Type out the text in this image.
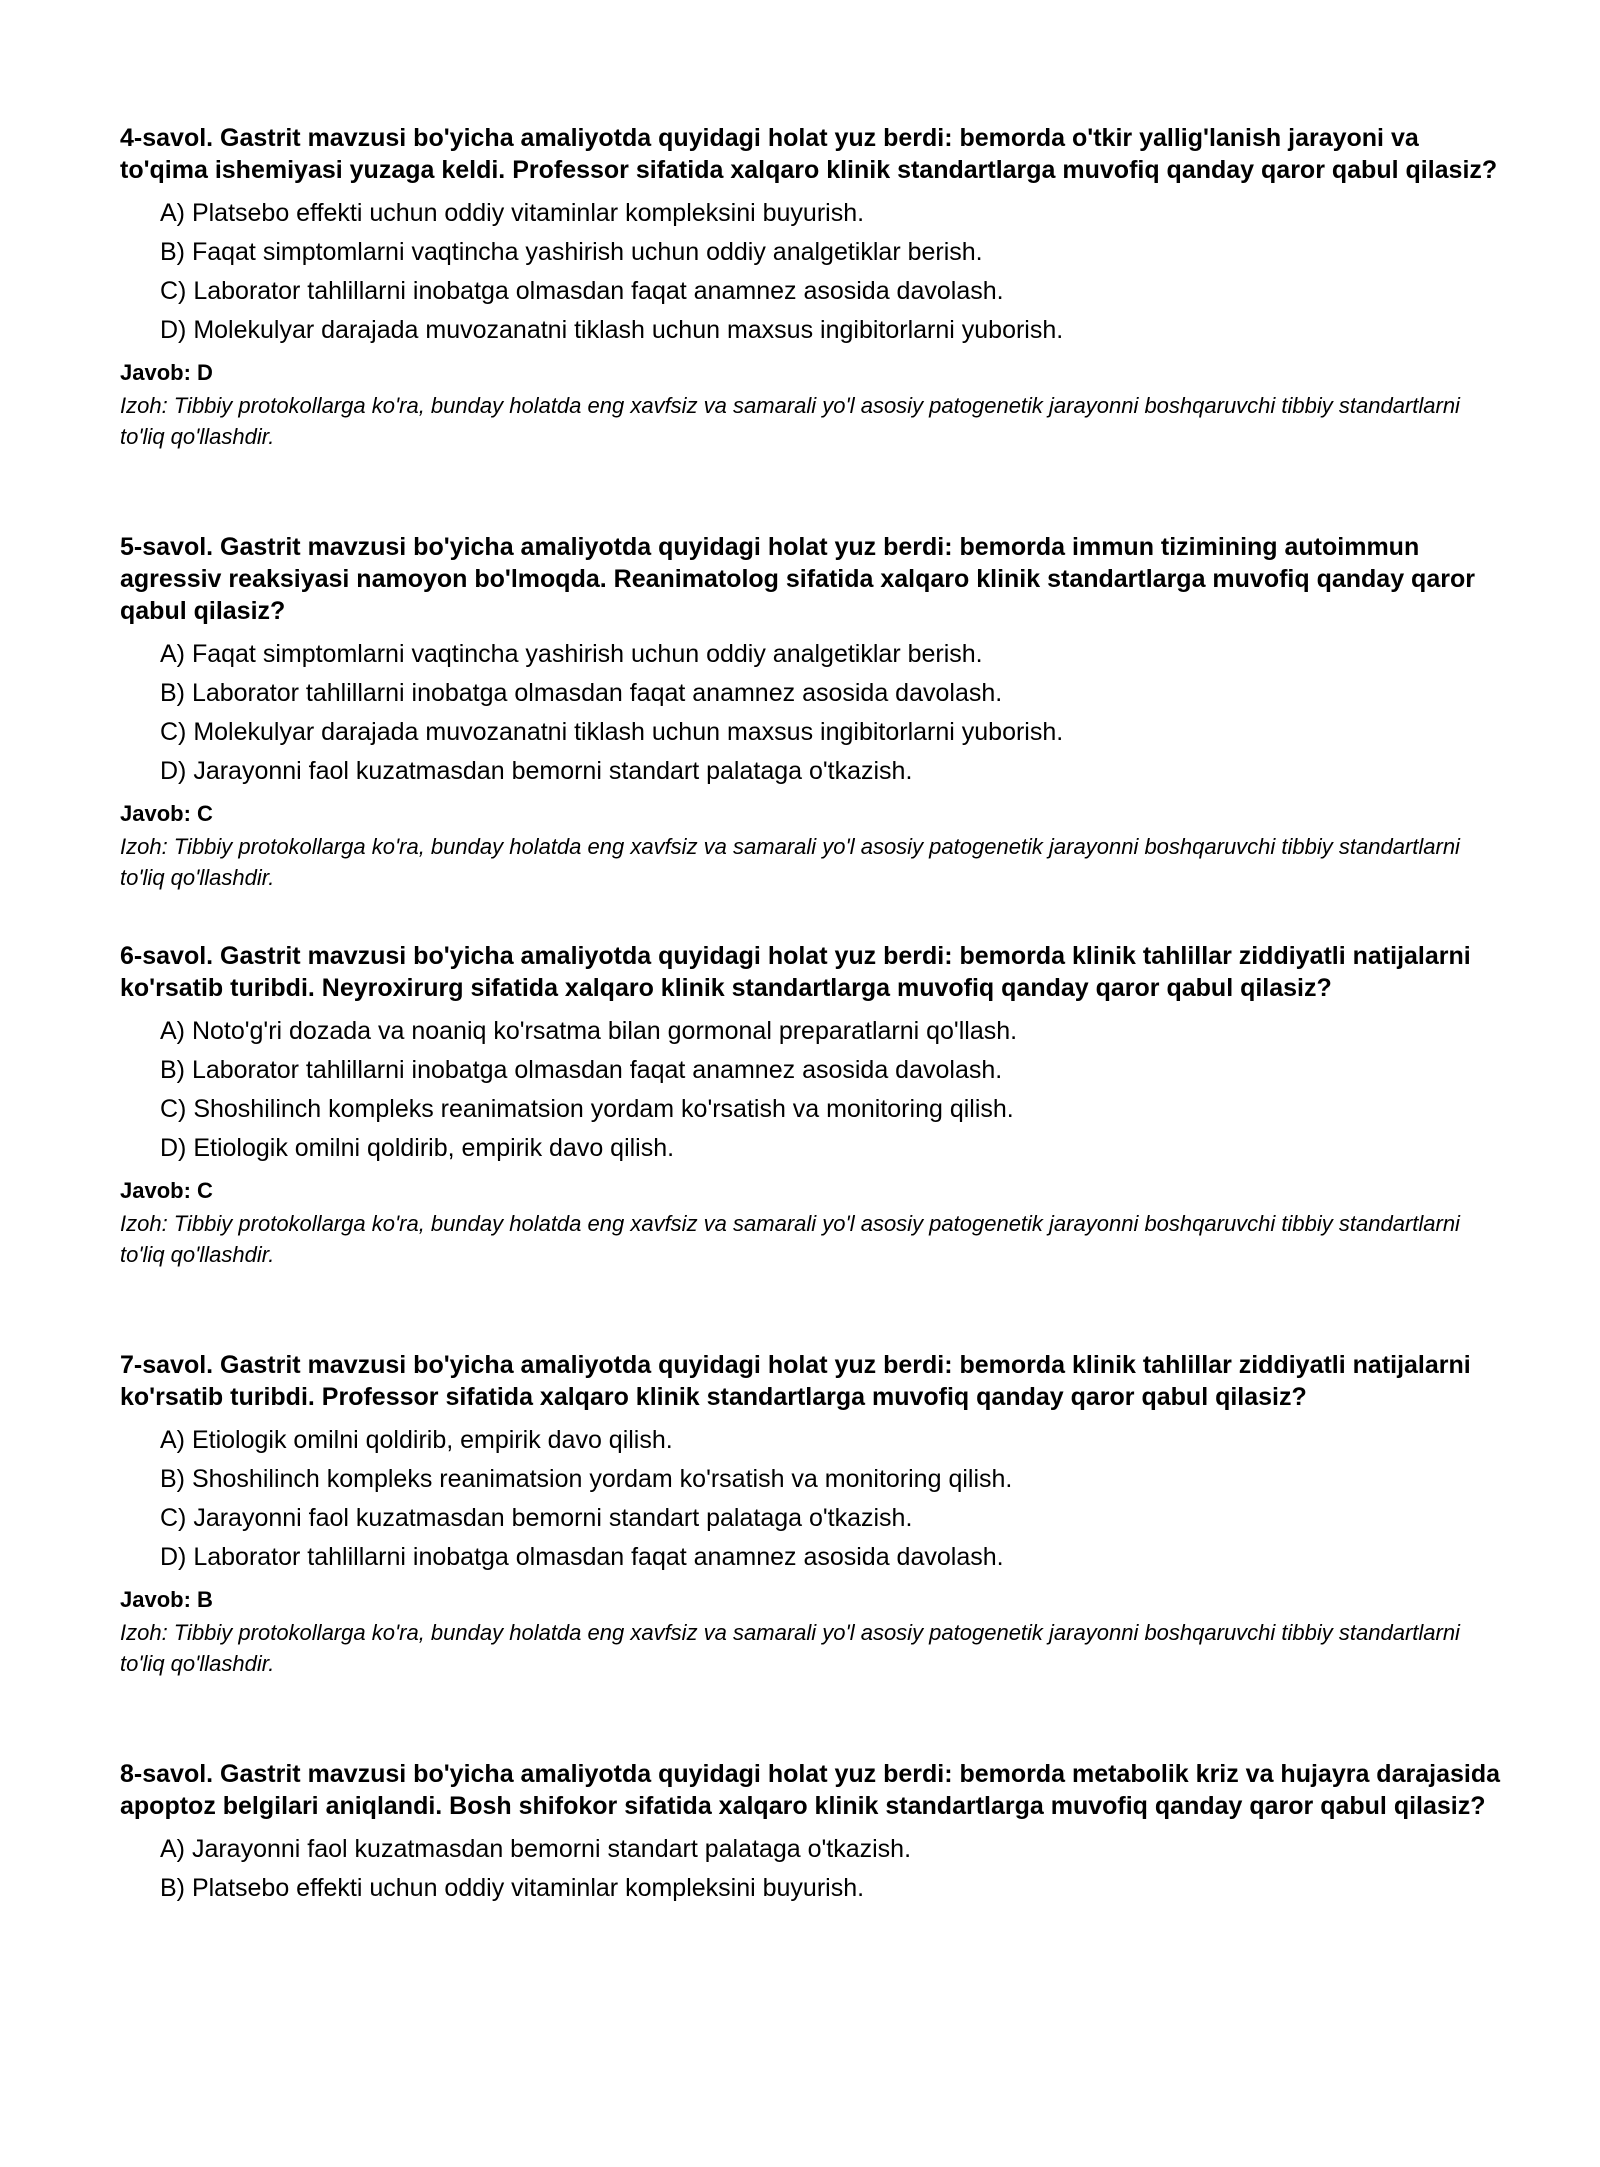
4-savol. Gastrit mavzusi bo'yicha amaliyotda quyidagi holat yuz berdi: bemorda o'tkir yallig'lanish jarayoni va to'qima ishemiyasi yuzaga keldi. Professor sifatida xalqaro klinik standartlarga muvofiq qanday qaror qabul qilasiz?

A) Platsebo effekti uchun oddiy vitaminlar kompleksini buyurish.
B) Faqat simptomlarni vaqtincha yashirish uchun oddiy analgetiklar berish.
C) Laborator tahlillarni inobatga olmasdan faqat anamnez asosida davolash.
D) Molekulyar darajada muvozanatni tiklash uchun maxsus ingibitorlarni yuborish.

Javob: D

Izoh: Tibbiy protokollarga ko'ra, bunday holatda eng xavfsiz va samarali yo'l asosiy patogenetik jarayonni boshqaruvchi tibbiy standartlarni to'liq qo'llashdir.

5-savol. Gastrit mavzusi bo'yicha amaliyotda quyidagi holat yuz berdi: bemorda immun tizimining autoimmun agressiv reaksiyasi namoyon bo'lmoqda. Reanimatolog sifatida xalqaro klinik standartlarga muvofiq qanday qaror qabul qilasiz?

A) Faqat simptomlarni vaqtincha yashirish uchun oddiy analgetiklar berish.
B) Laborator tahlillarni inobatga olmasdan faqat anamnez asosida davolash.
C) Molekulyar darajada muvozanatni tiklash uchun maxsus ingibitorlarni yuborish.
D) Jarayonni faol kuzatmasdan bemorni standart palataga o'tkazish.

Javob: C

Izoh: Tibbiy protokollarga ko'ra, bunday holatda eng xavfsiz va samarali yo'l asosiy patogenetik jarayonni boshqaruvchi tibbiy standartlarni to'liq qo'llashdir.

6-savol. Gastrit mavzusi bo'yicha amaliyotda quyidagi holat yuz berdi: bemorda klinik tahlillar ziddiyatli natijalarni ko'rsatib turibdi. Neyroxirurg sifatida xalqaro klinik standartlarga muvofiq qanday qaror qabul qilasiz?

A) Noto'g'ri dozada va noaniq ko'rsatma bilan gormonal preparatlarni qo'llash.
B) Laborator tahlillarni inobatga olmasdan faqat anamnez asosida davolash.
C) Shoshilinch kompleks reanimatsion yordam ko'rsatish va monitoring qilish.
D) Etiologik omilni qoldirib, empirik davo qilish.

Javob: C

Izoh: Tibbiy protokollarga ko'ra, bunday holatda eng xavfsiz va samarali yo'l asosiy patogenetik jarayonni boshqaruvchi tibbiy standartlarni to'liq qo'llashdir.

7-savol. Gastrit mavzusi bo'yicha amaliyotda quyidagi holat yuz berdi: bemorda klinik tahlillar ziddiyatli natijalarni ko'rsatib turibdi. Professor sifatida xalqaro klinik standartlarga muvofiq qanday qaror qabul qilasiz?

A) Etiologik omilni qoldirib, empirik davo qilish.
B) Shoshilinch kompleks reanimatsion yordam ko'rsatish va monitoring qilish.
C) Jarayonni faol kuzatmasdan bemorni standart palataga o'tkazish.
D) Laborator tahlillarni inobatga olmasdan faqat anamnez asosida davolash.

Javob: B

Izoh: Tibbiy protokollarga ko'ra, bunday holatda eng xavfsiz va samarali yo'l asosiy patogenetik jarayonni boshqaruvchi tibbiy standartlarni to'liq qo'llashdir.

8-savol. Gastrit mavzusi bo'yicha amaliyotda quyidagi holat yuz berdi: bemorda metabolik kriz va hujayra darajasida apoptoz belgilari aniqlandi. Bosh shifokor sifatida xalqaro klinik standartlarga muvofiq qanday qaror qabul qilasiz?

A) Jarayonni faol kuzatmasdan bemorni standart palataga o'tkazish.
B) Platsebo effekti uchun oddiy vitaminlar kompleksini buyurish.
